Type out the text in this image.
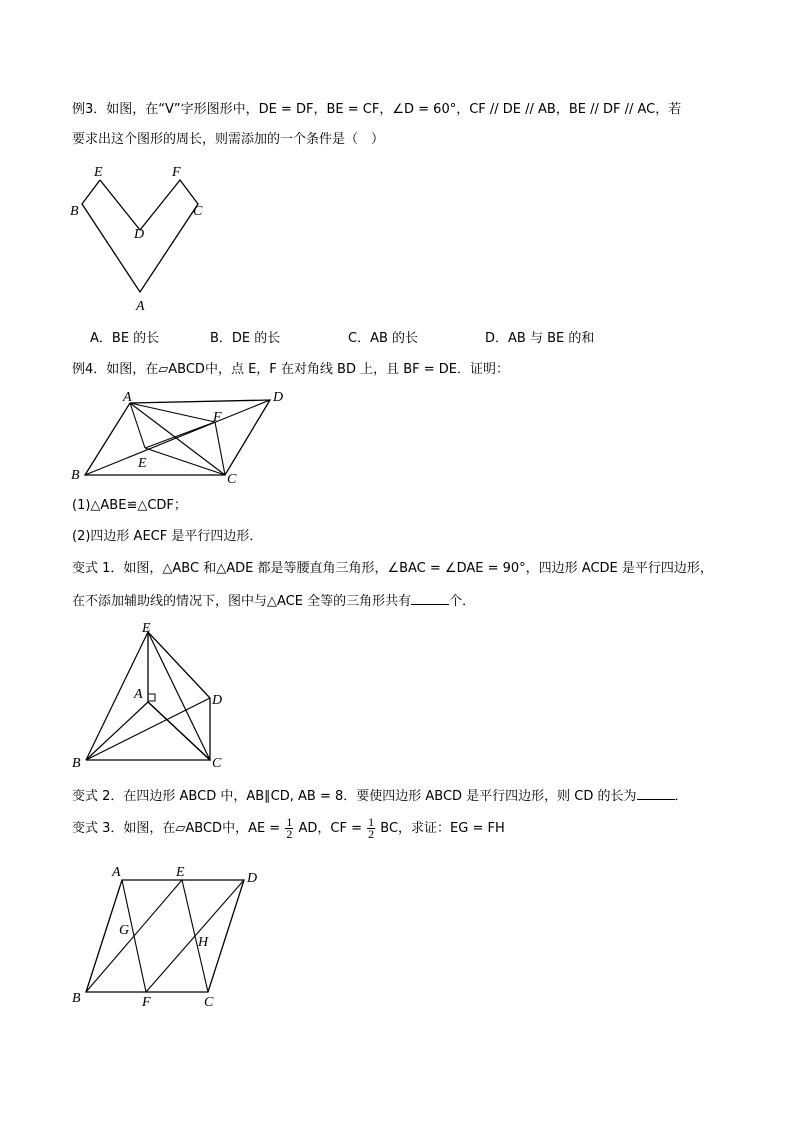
例3．如图，在“V”字形图形中，DE = DF，BE = CF，∠D = 60°，CF // DE // AB，BE // DF // AC，若
要求出这个图形的周长，则需添加的一个条件是（　）
E	F
B	C
D
A
A．BE 的长	B．DE 的长	C．AB 的长	D．AB 与 BE 的和
例4．如图，在▱ABCD中，点 E，F 在对角线 BD 上，且 BF = DE．证明：
A	D
F
E
B	C
(1)△ABE≌△CDF；
(2)四边形 AECF 是平行四边形．
变式 1．如图，△ABC 和△ADE 都是等腰直角三角形，∠BAC = ∠DAE = 90°，四边形 ACDE 是平行四边形，
在不添加辅助线的情况下，图中与△ACE 全等的三角形共有	个．
E
A	D
B	C
变式 2．在四边形 ABCD 中，AB∥CD, AB = 8．要使四边形 ABCD 是平行四边形，则 CD 的长为	．
变式 3．如图，在▱ABCD中，AE = $\frac{1}{2}$ AD，CF = $\frac{1}{2}$ BC，求证：EG = FH
A	E	D
G
H
B	F	C
